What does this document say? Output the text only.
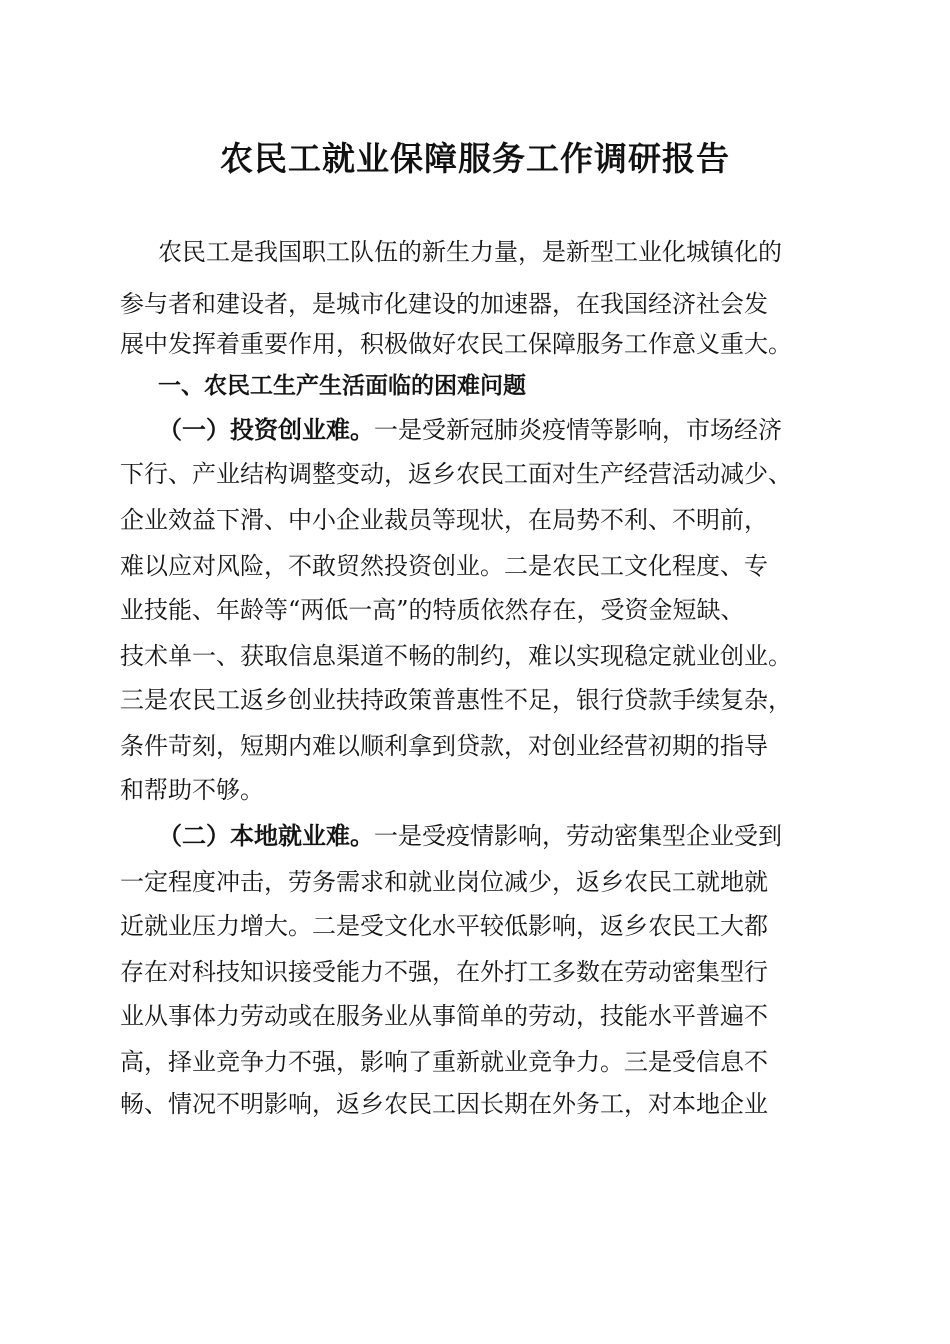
农民工就业保障服务工作调研报告
农民工是我国职工队伍的新生力量，是新型工业化城镇化的
参与者和建设者，是城市化建设的加速器，在我国经济社会发
展中发挥着重要作用，积极做好农民工保障服务工作意义重大。
一、农民工生产生活面临的困难问题
（一）投资创业难。一是受新冠肺炎疫情等影响，市场经济
下行、产业结构调整变动，返乡农民工面对生产经营活动减少、
企业效益下滑、中小企业裁员等现状，在局势不利、不明前，
难以应对风险，不敢贸然投资创业。二是农民工文化程度、专
业技能、年龄等“两低一高”的特质依然存在，受资金短缺、
技术单一、获取信息渠道不畅的制约，难以实现稳定就业创业。
三是农民工返乡创业扶持政策普惠性不足，银行贷款手续复杂，
条件苛刻，短期内难以顺利拿到贷款，对创业经营初期的指导
和帮助不够。
（二）本地就业难。一是受疫情影响，劳动密集型企业受到
一定程度冲击，劳务需求和就业岗位减少，返乡农民工就地就
近就业压力增大。二是受文化水平较低影响，返乡农民工大都
存在对科技知识接受能力不强，在外打工多数在劳动密集型行
业从事体力劳动或在服务业从事简单的劳动，技能水平普遍不
高，择业竞争力不强，影响了重新就业竞争力。三是受信息不
畅、情况不明影响，返乡农民工因长期在外务工，对本地企业
